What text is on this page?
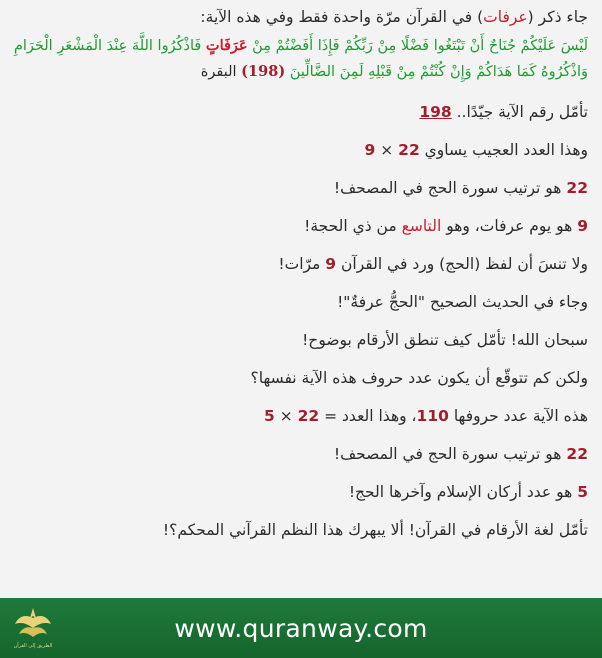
جاء ذكر (عرفات) في القرآن مرّة واحدة فقط وفي هذه الآية:

لَيْسَ عَلَيْكُمْ جُنَاحٌ أَنْ تَبْتَغُوا فَضْلًا مِنْ رَبِّكُمْ فَإِذَا أَفَضْتُمْ مِنْ عَرَفَاتٍ فَاذْكُرُوا اللَّهَ عِنْدَ الْمَشْعَرِ الْحَرَامِ وَاذْكُرُوهُ كَمَا هَدَاكُمْ وَإِنْ كُنْتُمْ مِنْ قَبْلِهِ لَمِنَ الضَّالِّينَ (198) البقرة

تأمّل رقم الآية جيّدًا.. 198

وهذا العدد العجيب يساوي 22 × 9

22 هو ترتيب سورة الحج في المصحف!

9 هو يوم عرفات، وهو التاسع من ذي الحجة!

ولا تنسَ أن لفظ (الحج) ورد في القرآن 9 مرّات!

وجاء في الحديث الصحيح "الحجُّ عرفةٌ"!

سبحان الله! تأمّل كيف تنطق الأرقام بوضوح!

ولكن كم تتوقّع أن يكون عدد حروف هذه الآية نفسها؟

هذه الآية عدد حروفها 110، وهذا العدد = 22 × 5

22 هو ترتيب سورة الحج في المصحف!

5 هو عدد أركان الإسلام وآخرها الحج!

تأمّل لغة الأرقام في القرآن! ألا يبهرك هذا النظم القرآني المحكم؟!

الطريق إلى القرآن
www.quranway.com
